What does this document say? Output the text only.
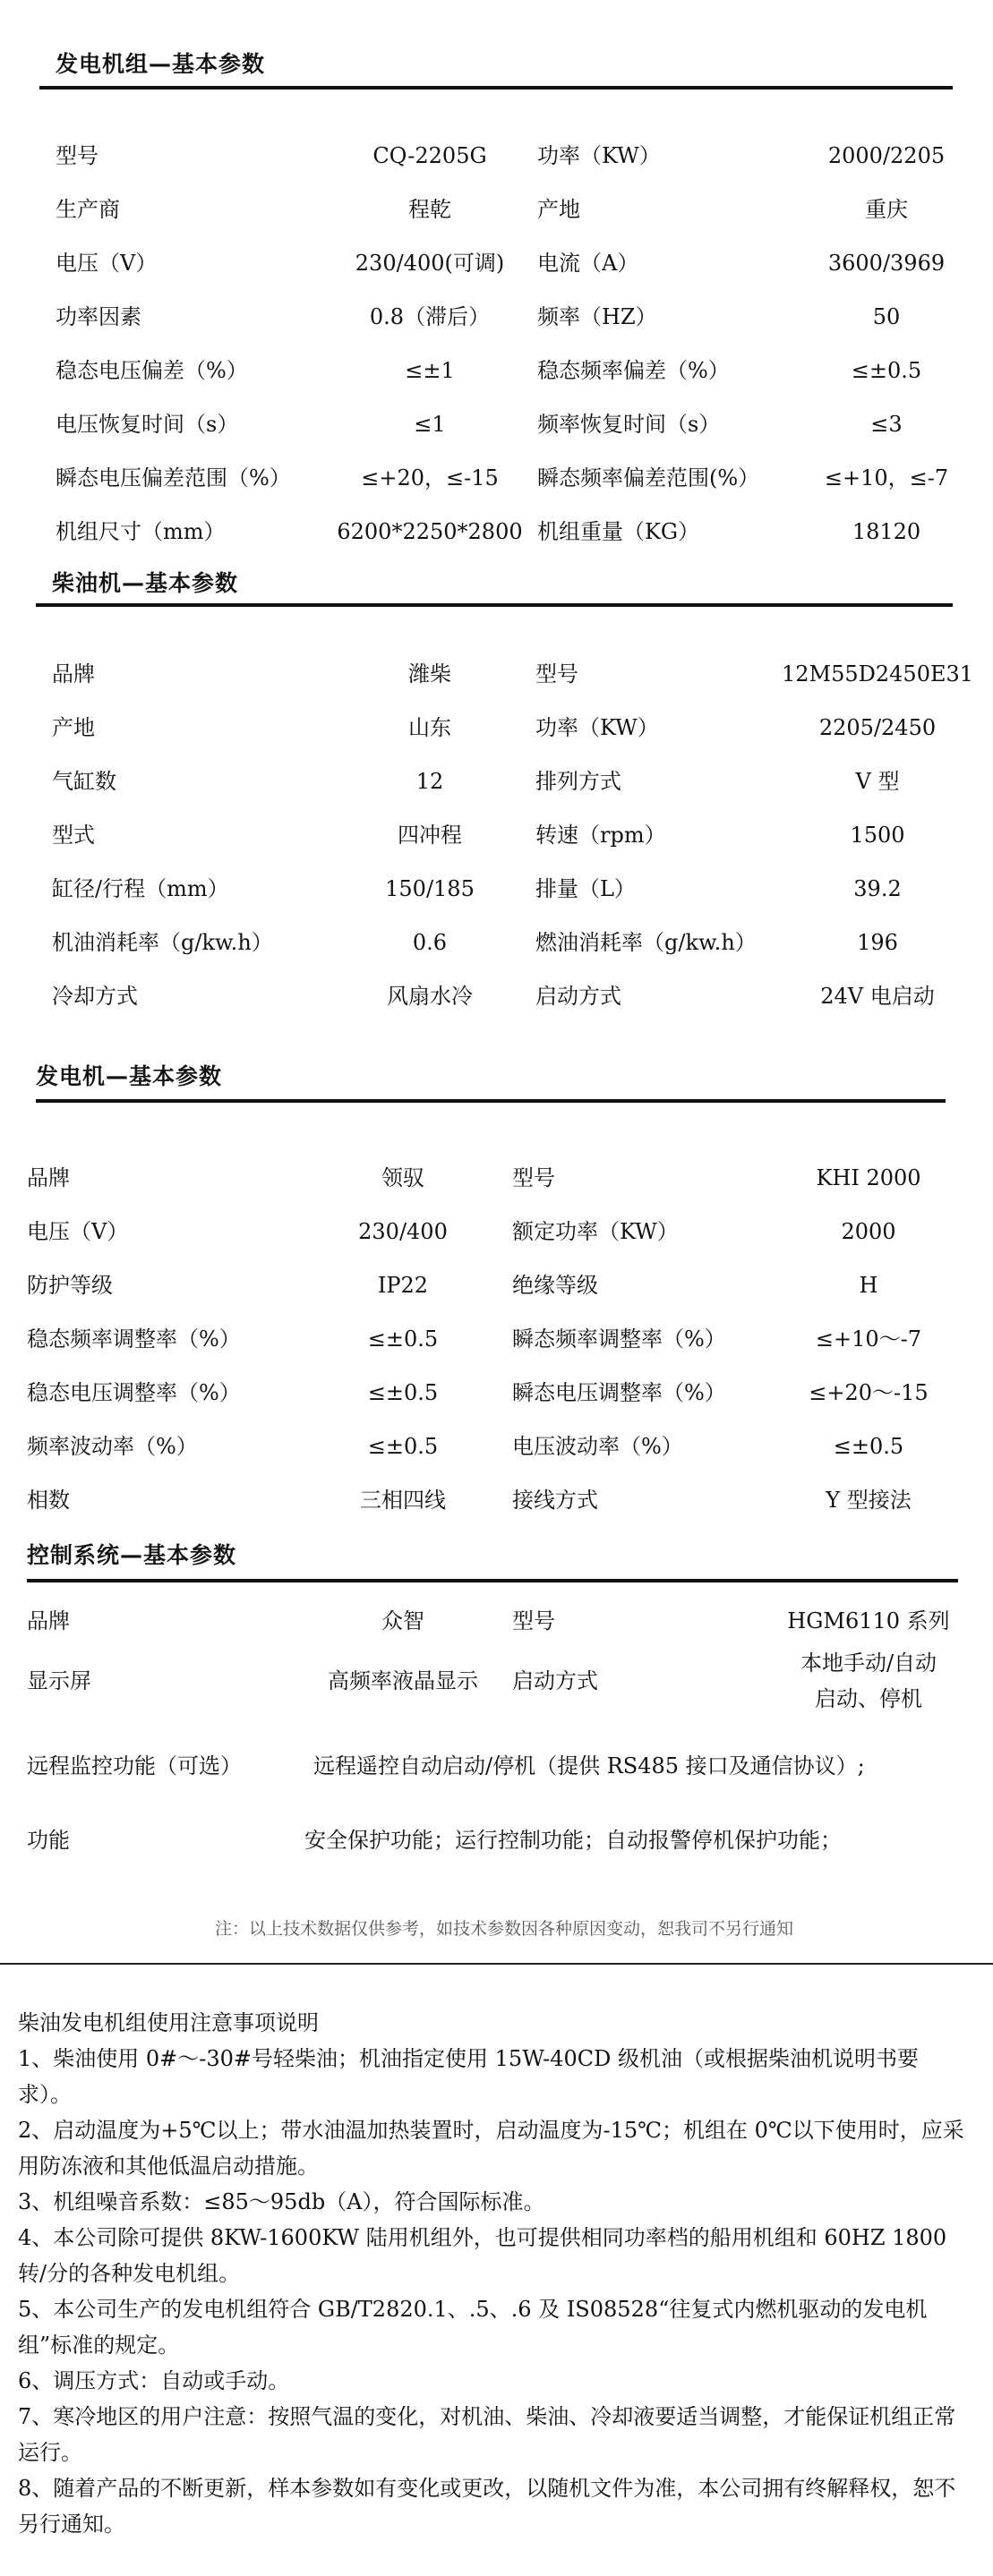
发电机组—基本参数
型号	CQ-2205G	功率（KW）	2000/2205
生产商	程乾	产地	重庆
电压（V）	230/400(可调)	电流（A）	3600/3969
功率因素	0.8（滞后）	频率（HZ）	50
稳态电压偏差（%）	≤±1	稳态频率偏差（%）	≤±0.5
电压恢复时间（s）	≤1	频率恢复时间（s）	≤3
瞬态电压偏差范围（%）	≤+20，≤-15	瞬态频率偏差范围(%）	≤+10，≤-7
机组尺寸（mm）	6200*2250*2800 机组重量（KG）	18120
柴油机—基本参数
品牌	潍柴	型号	12M55D2450E31
产地	山东	功率（KW）	2205/2450
气缸数	12	排列方式	V 型
型式	四冲程	转速（rpm）	1500
缸径/行程（mm）	150/185	排量（L）	39.2
机油消耗率（g/kw.h）	0.6	燃油消耗率（g/kw.h）	196
冷却方式	风扇水冷	启动方式	24V 电启动
发电机—基本参数
品牌	领驭	型号	KHI 2000
电压（V）	230/400	额定功率（KW）	2000
防护等级	IP22	绝缘等级	H
稳态频率调整率（%）	≤±0.5	瞬态频率调整率（%）	≤+10～-7
稳态电压调整率（%）	≤±0.5	瞬态电压调整率（%）	≤+20～-15
频率波动率（%）	≤±0.5	电压波动率（%）	≤±0.5
相数	三相四线	接线方式	Y 型接法
控制系统—基本参数
品牌	众智	型号	HGM6110 系列
显示屏	高频率液晶显示	启动方式
本地手动/自动
启动、停机
远程监控功能（可选）	远程遥控自动启动/停机（提供 RS485 接口及通信协议）;
功能	安全保护功能；运行控制功能；自动报警停机保护功能；
注：以上技术数据仅供参考，如技术参数因各种原因变动，恕我司不另行通知

柴油发电机组使用注意事项说明

1、柴油使用 0#～-30#号轻柴油；机油指定使用 15W-40CD 级机油（或根据柴油机说明书要求）。

2、启动温度为+5℃以上；带水油温加热装置时，启动温度为-15℃；机组在 0℃以下使用时，应采用防冻液和其他低温启动措施。

3、机组噪音系数：≤85～95db（A），符合国际标准。

4、本公司除可提供 8KW-1600KW 陆用机组外，也可提供相同功率档的船用机组和 60HZ 1800 转/分的各种发电机组。

5、本公司生产的发电机组符合 GB/T2820.1、.5、.6 及 IS08528“往复式内燃机驱动的发电机组”标准的规定。

6、调压方式：自动或手动。

7、寒冷地区的用户注意：按照气温的变化，对机油、柴油、冷却液要适当调整，才能保证机组正常运行。

8、随着产品的不断更新，样本参数如有变化或更改，以随机文件为准，本公司拥有终解释权，恕不另行通知。
